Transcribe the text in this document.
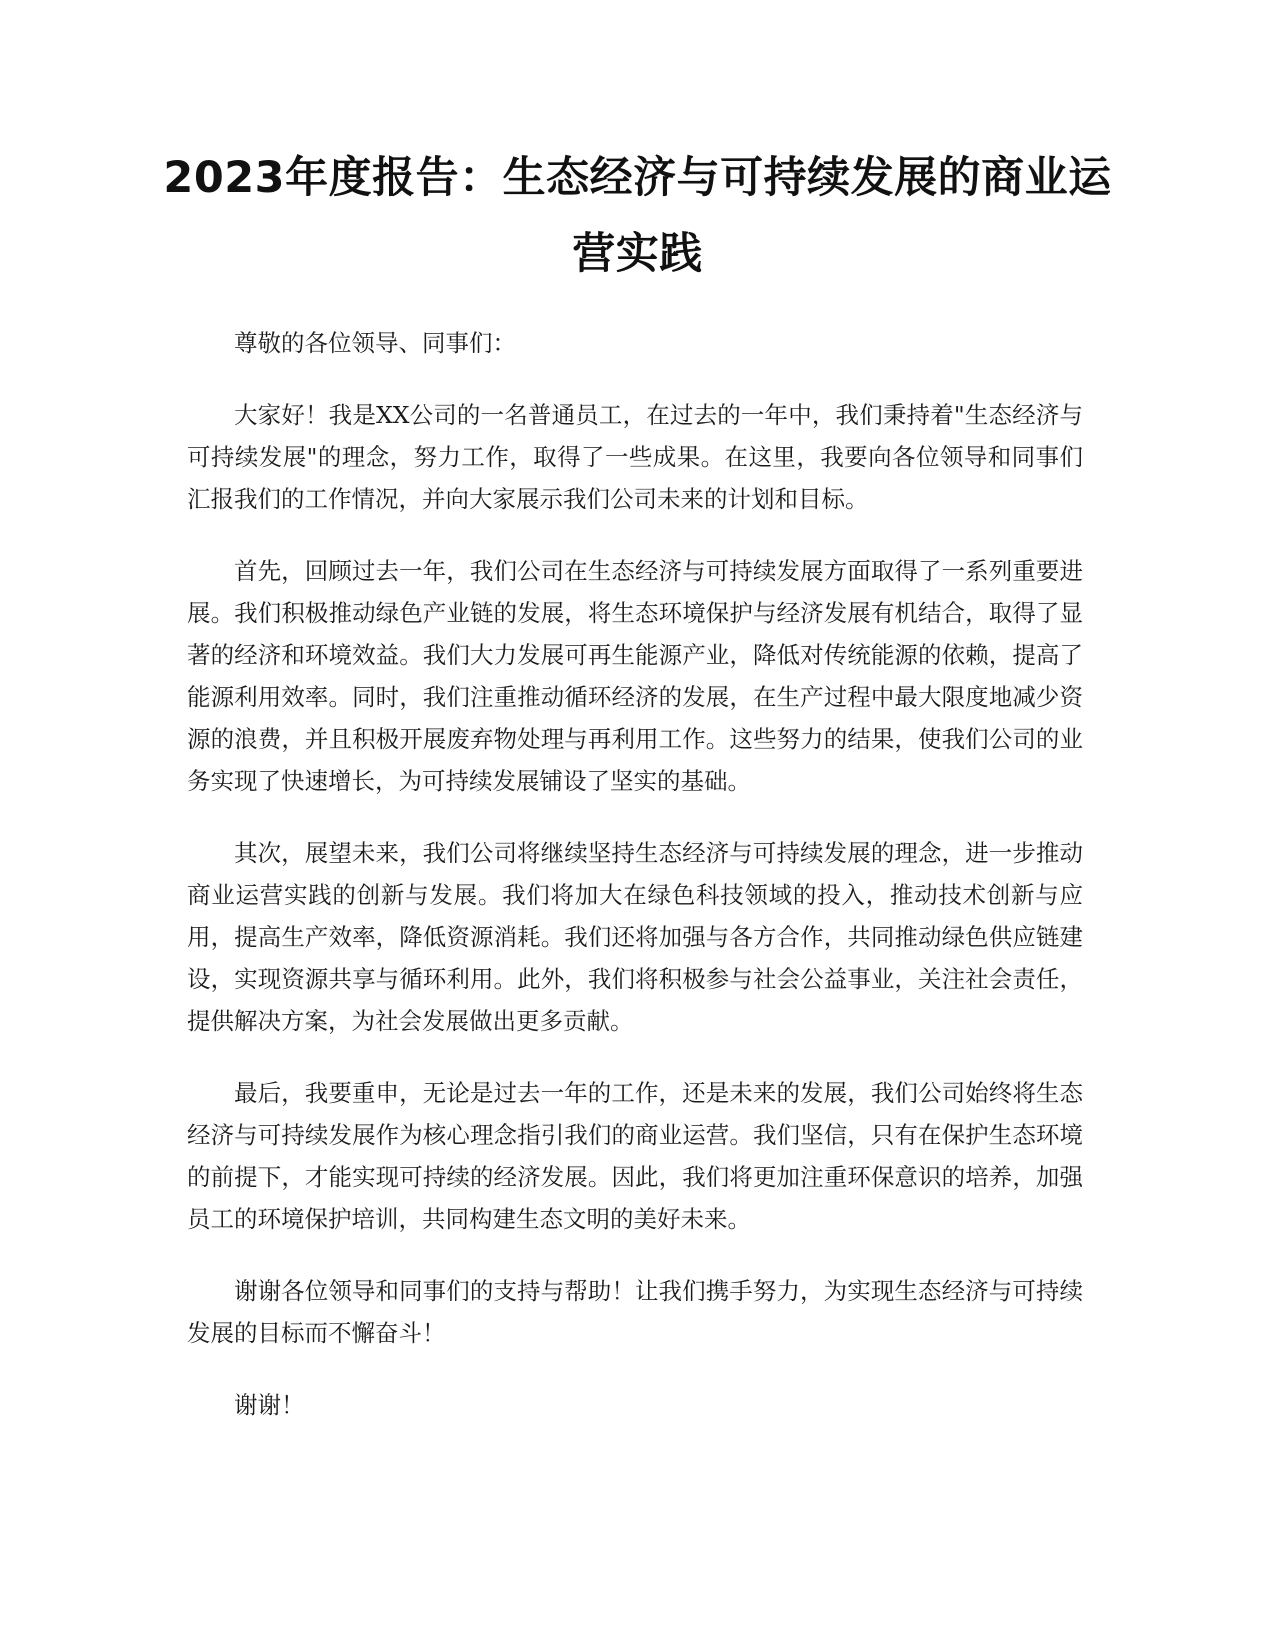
2023年度报告：生态经济与可持续发展的商业运营实践

尊敬的各位领导、同事们：

大家好！我是XX公司的一名普通员工，在过去的一年中，我们秉持着"生态经济与可持续发展"的理念，努力工作，取得了一些成果。在这里，我要向各位领导和同事们汇报我们的工作情况，并向大家展示我们公司未来的计划和目标。

首先，回顾过去一年，我们公司在生态经济与可持续发展方面取得了一系列重要进展。我们积极推动绿色产业链的发展，将生态环境保护与经济发展有机结合，取得了显著的经济和环境效益。我们大力发展可再生能源产业，降低对传统能源的依赖，提高了能源利用效率。同时，我们注重推动循环经济的发展，在生产过程中最大限度地减少资源的浪费，并且积极开展废弃物处理与再利用工作。这些努力的结果，使我们公司的业务实现了快速增长，为可持续发展铺设了坚实的基础。

其次，展望未来，我们公司将继续坚持生态经济与可持续发展的理念，进一步推动商业运营实践的创新与发展。我们将加大在绿色科技领域的投入，推动技术创新与应用，提高生产效率，降低资源消耗。我们还将加强与各方合作，共同推动绿色供应链建设，实现资源共享与循环利用。此外，我们将积极参与社会公益事业，关注社会责任，提供解决方案，为社会发展做出更多贡献。

最后，我要重申，无论是过去一年的工作，还是未来的发展，我们公司始终将生态经济与可持续发展作为核心理念指引我们的商业运营。我们坚信，只有在保护生态环境的前提下，才能实现可持续的经济发展。因此，我们将更加注重环保意识的培养，加强员工的环境保护培训，共同构建生态文明的美好未来。

谢谢各位领导和同事们的支持与帮助！让我们携手努力，为实现生态经济与可持续发展的目标而不懈奋斗！

谢谢！
